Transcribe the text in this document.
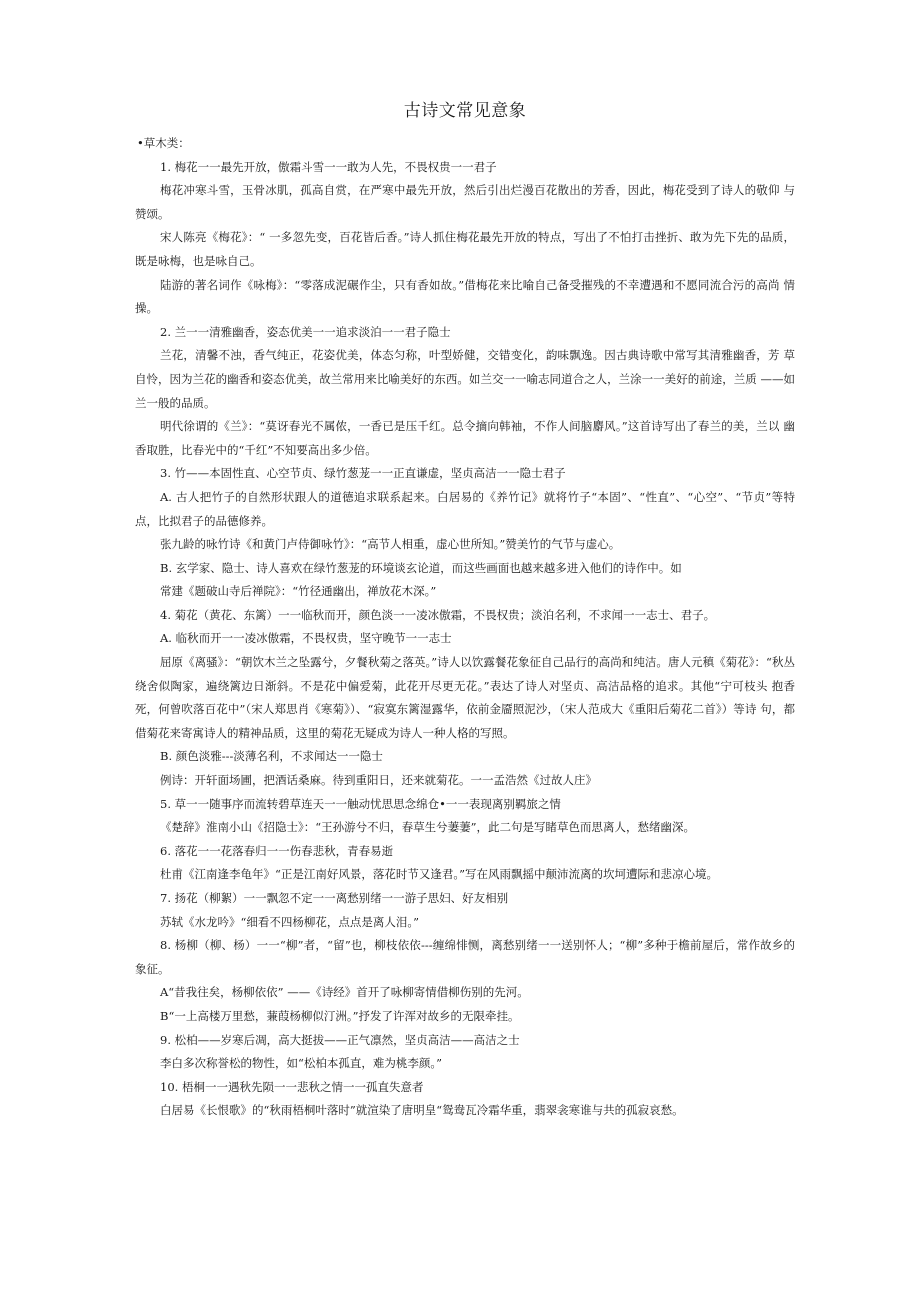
古诗文常见意象

•草木类：

1. 梅花一一最先开放，傲霜斗雪一一敢为人先，不畏权贵一一君子

梅花冲寒斗雪，玉骨冰肌，孤高自赏，在严寒中最先开放，然后引出烂漫百花散出的芳香，因此，梅花受到了诗人的敬仰 与赞颂。

宋人陈亮《梅花》：“ 一多忽先变，百花皆后香。”诗人抓住梅花最先开放的特点，写出了不怕打击挫折、敢为先下先的品质，既是咏梅，也是咏自己。

陆游的著名词作《咏梅》：“零落成泥碾作尘，只有香如故。”借梅花来比喻自己备受摧残的不幸遭遇和不愿同流合污的高尚 情操。

2. 兰一一清雅幽香，姿态优美一一追求淡泊一一君子隐士

兰花，清馨不浊，香气纯正，花姿优美，体态匀称，叶型娇健，交错变化，韵味飘逸。因古典诗歌中常写其清雅幽香，芳 草自怜，因为兰花的幽香和姿态优美，故兰常用来比喻美好的东西。如兰交一一喻志同道合之人，兰涂一一美好的前途，兰质 ——如兰一般的品质。

明代徐谓的《兰》：“莫讶春光不属侬，一香已是压千红。总令摘向韩袖，不作人间脑麝风。”这首诗写出了春兰的美，兰以 幽香取胜，比春光中的“千红”不知要高出多少倍。

3. 竹——本固性直、心空节贞、绿竹葱茏一一正直谦虚，坚贞高洁一一隐士君子

A. 古人把竹子的自然形状跟人的道德追求联系起来。白居易的《养竹记》就将竹子“本固”、“性直”、“心空”、“节贞”等特点，比拟君子的品德修养。

张九龄的咏竹诗《和黄门卢侍御咏竹》：“高节人相重，虚心世所知。”赞美竹的气节与虚心。

B. 玄学家、隐士、诗人喜欢在绿竹葱茏的环境谈玄论道，而这些画面也越来越多进入他们的诗作中。如

常建《题破山寺后禅院》：“竹径通幽出，禅放花木深。”

4. 菊花（黄花、东篱）一一临秋而开，颜色淡一一凌冰傲霜，不畏权贵；淡泊名利，不求闻一一志士、君子。

A. 临秋而开一一凌冰傲霜，不畏权贵，坚守晚节一一志士

屈原《离骚》：“朝饮木兰之坠露兮，夕餐秋菊之落英。”诗人以饮露餐花象征自己品行的高尚和纯洁。唐人元稹《菊花》：“秋丛绕舍似陶家，遍绕篱边日渐斜。不是花中偏爱菊，此花开尽更无花。”表达了诗人对坚贞、高洁品格的追求。其他“宁可枝头 抱香死，何曾吹落百花中”（宋人郑思肖《寒菊》）、“寂寞东篱湿露华，依前金靥照泥沙，（宋人范成大《重阳后菊花二首》）等诗 句，都借菊花来寄寓诗人的精神品质，这里的菊花无疑成为诗人一种人格的写照。

B. 颜色淡雅---淡薄名利，不求闻达一一隐士

例诗：开轩面场圃，把酒话桑麻。待到重阳日，还来就菊花。一一孟浩然《过故人庄》

5. 草一一随事序而流转碧草连天一一触动忧思思念绵仓•一一表现离别羁旅之情

《楚辞》淮南小山《招隐士》：“王孙游兮不归，春草生兮萋萋”，此二句是写睹草色而思离人，愁绪幽深。

6. 落花一一花落春归一一伤春悲秋，青春易逝

杜甫《江南逢李龟年》“正是江南好风景，落花时节又逢君。”写在风雨飘摇中颠沛流离的坎坷遭际和悲凉心境。

7. 扬花（柳絮）一一飘忽不定一一离愁别绪一一游子思妇、好友相别

苏轼《水龙吟》“细看不四杨柳花，点点是离人泪。”

8. 杨柳（柳、杨）一一“柳”者，“留”也，柳枝依依---缠绵悱恻，离愁别绪一一送别怀人；“柳”多种于檐前屋后，常作故乡的 象征。

A“昔我往矣，杨柳依依” ——《诗经》首开了咏柳寄情借柳伤别的先河。

B“一上高楼万里愁，蒹葭杨柳似汀洲。”抒发了许浑对故乡的无限牵挂。

9. 松柏——岁寒后凋，高大挺拔——正气凛然，坚贞高洁——高洁之士

李白多次称誉松的物性，如“松柏本孤直，难为桃李颜。”

10. 梧桐一一遇秋先陨一一悲秋之情一一孤直失意者

白居易《长恨歌》的“秋雨梧桐叶落时”就渲染了唐明皇“鸳鸯瓦冷霜华重，翡翠衾寒谁与共的孤寂哀愁。
